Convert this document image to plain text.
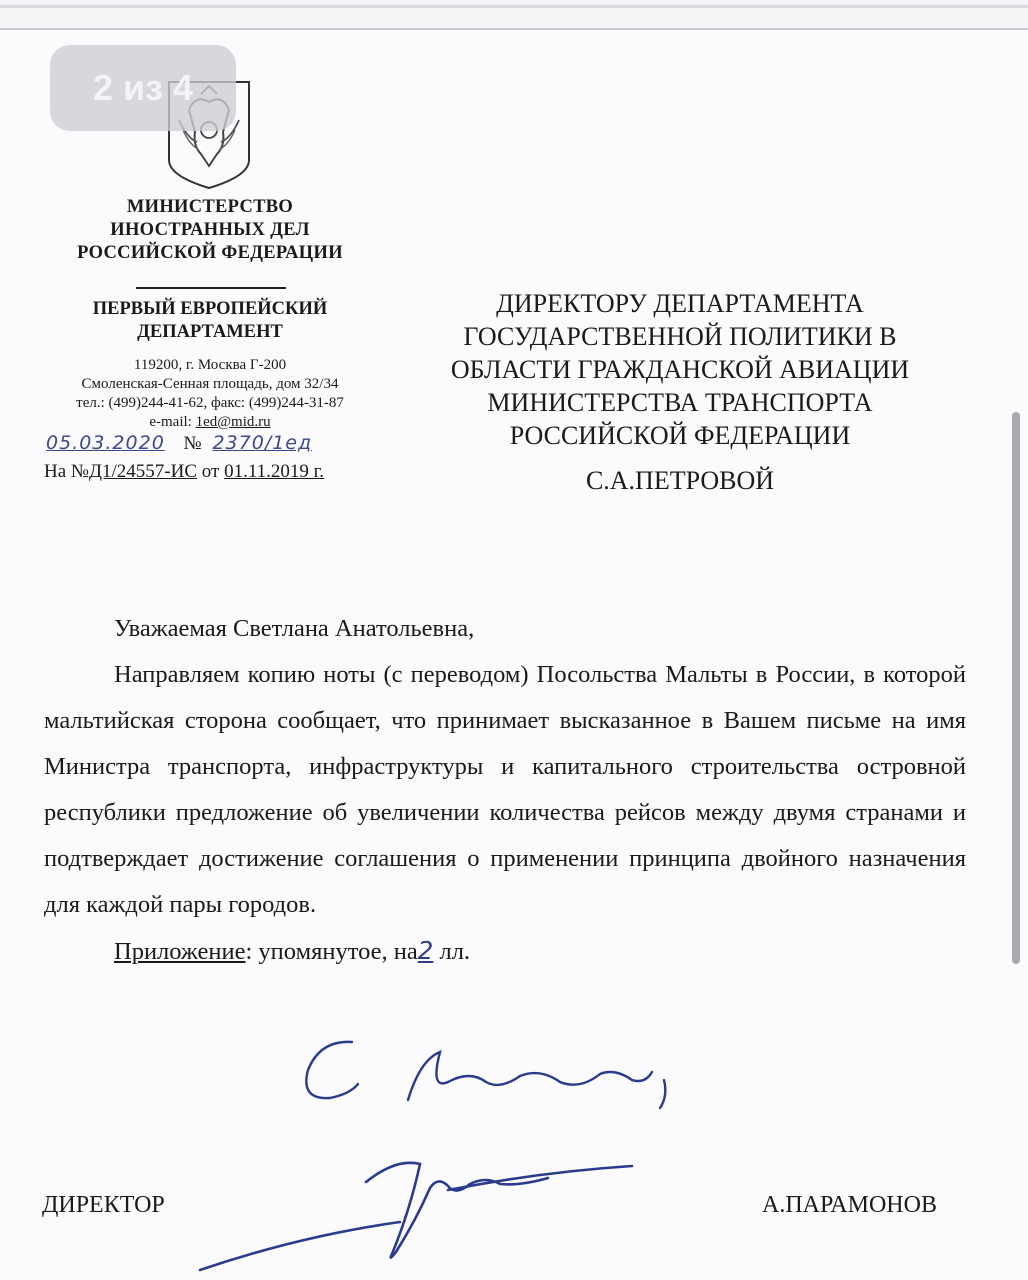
2 из 4
МИНИСТЕРСТВО
ИНОСТРАННЫХ ДЕЛ
РОССИЙСКОЙ ФЕДЕРАЦИИ
ПЕРВЫЙ ЕВРОПЕЙСКИЙ
ДЕПАРТАМЕНТ
119200, г. Москва Г-200
Смоленская-Сенная площадь, дом 32/34
тел.: (499)244-41-62, факс: (499)244-31-87
e-mail: 1ed@mid.ru
05.03.2020 № 2370/1ед
На №Д1/24557-ИС от 01.11.2019 г.
ДИРЕКТОРУ ДЕПАРТАМЕНТА
ГОСУДАРСТВЕННОЙ ПОЛИТИКИ В
ОБЛАСТИ ГРАЖДАНСКОЙ АВИАЦИИ
МИНИСТЕРСТВА ТРАНСПОРТА
РОССИЙСКОЙ ФЕДЕРАЦИИ
С.А.ПЕТРОВОЙ

Уважаемая Светлана Анатольевна,

Направляем копию ноты (с переводом) Посольства Мальты в России, в которой мальтийская сторона сообщает, что принимает высказанное в Вашем письме на имя Министра транспорта, инфраструктуры и капитального строительства островной республики предложение об увеличении количества рейсов между двумя странами и подтверждает достижение соглашения о применении принципа двойного назначения для каждой пары городов.

Приложение: упомянутое, на2 лл.

ДИРЕКТОР	А.ПАРАМОНОВ
